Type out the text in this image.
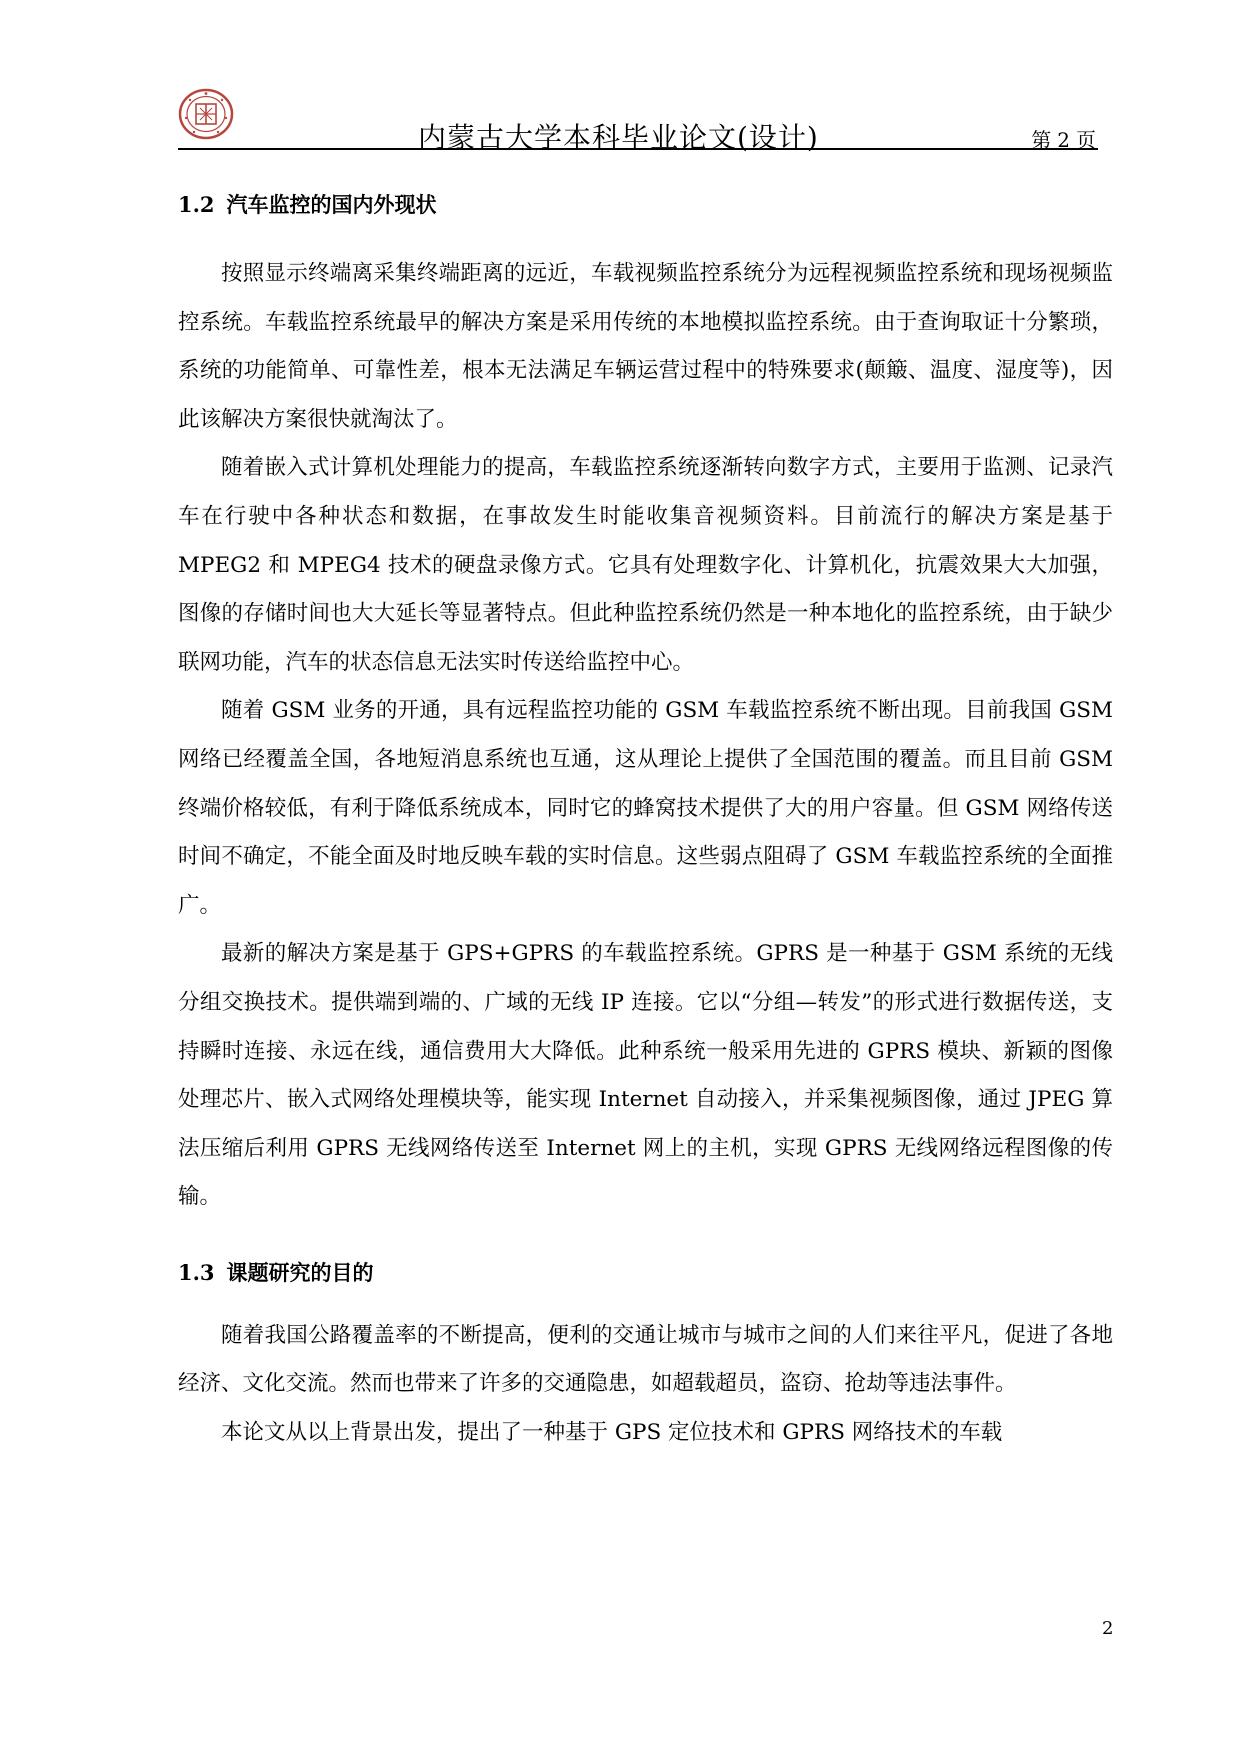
内蒙古大学本科毕业论文(设计)	第 2 页
1.2 汽车监控的国内外现状

按照显示终端离采集终端距离的远近，车载视频监控系统分为远程视频监控系统和现场视频监控系统。车载监控系统最早的解决方案是采用传统的本地模拟监控系统。由于查询取证十分繁琐，系统的功能简单、可靠性差，根本无法满足车辆运营过程中的特殊要求(颠簸、温度、湿度等)，因此该解决方案很快就淘汰了。

随着嵌入式计算机处理能力的提高，车载监控系统逐渐转向数字方式，主要用于监测、记录汽车在行驶中各种状态和数据，在事故发生时能收集音视频资料。目前流行的解决方案是基于 MPEG2 和 MPEG4 技术的硬盘录像方式。它具有处理数字化、计算机化，抗震效果大大加强，图像的存储时间也大大延长等显著特点。但此种监控系统仍然是一种本地化的监控系统，由于缺少联网功能，汽车的状态信息无法实时传送给监控中心。

随着 GSM 业务的开通，具有远程监控功能的 GSM 车载监控系统不断出现。目前我国 GSM 网络已经覆盖全国，各地短消息系统也互通，这从理论上提供了全国范围的覆盖。而且目前 GSM 终端价格较低，有利于降低系统成本，同时它的蜂窝技术提供了大的用户容量。但 GSM 网络传送时间不确定，不能全面及时地反映车载的实时信息。这些弱点阻碍了 GSM 车载监控系统的全面推广。

最新的解决方案是基于 GPS+GPRS 的车载监控系统。GPRS 是一种基于 GSM 系统的无线分组交换技术。提供端到端的、广域的无线 IP 连接。它以“分组—转发”的形式进行数据传送，支持瞬时连接、永远在线，通信费用大大降低。此种系统一般采用先进的 GPRS 模块、新颖的图像处理芯片、嵌入式网络处理模块等，能实现 Internet 自动接入，并采集视频图像，通过 JPEG 算法压缩后利用 GPRS 无线网络传送至 Internet 网上的主机，实现 GPRS 无线网络远程图像的传输。

1.3 课题研究的目的

随着我国公路覆盖率的不断提高，便利的交通让城市与城市之间的人们来往平凡，促进了各地经济、文化交流。然而也带来了许多的交通隐患，如超载超员，盗窃、抢劫等违法事件。

本论文从以上背景出发，提出了一种基于 GPS 定位技术和 GPRS 网络技术的车载

2
